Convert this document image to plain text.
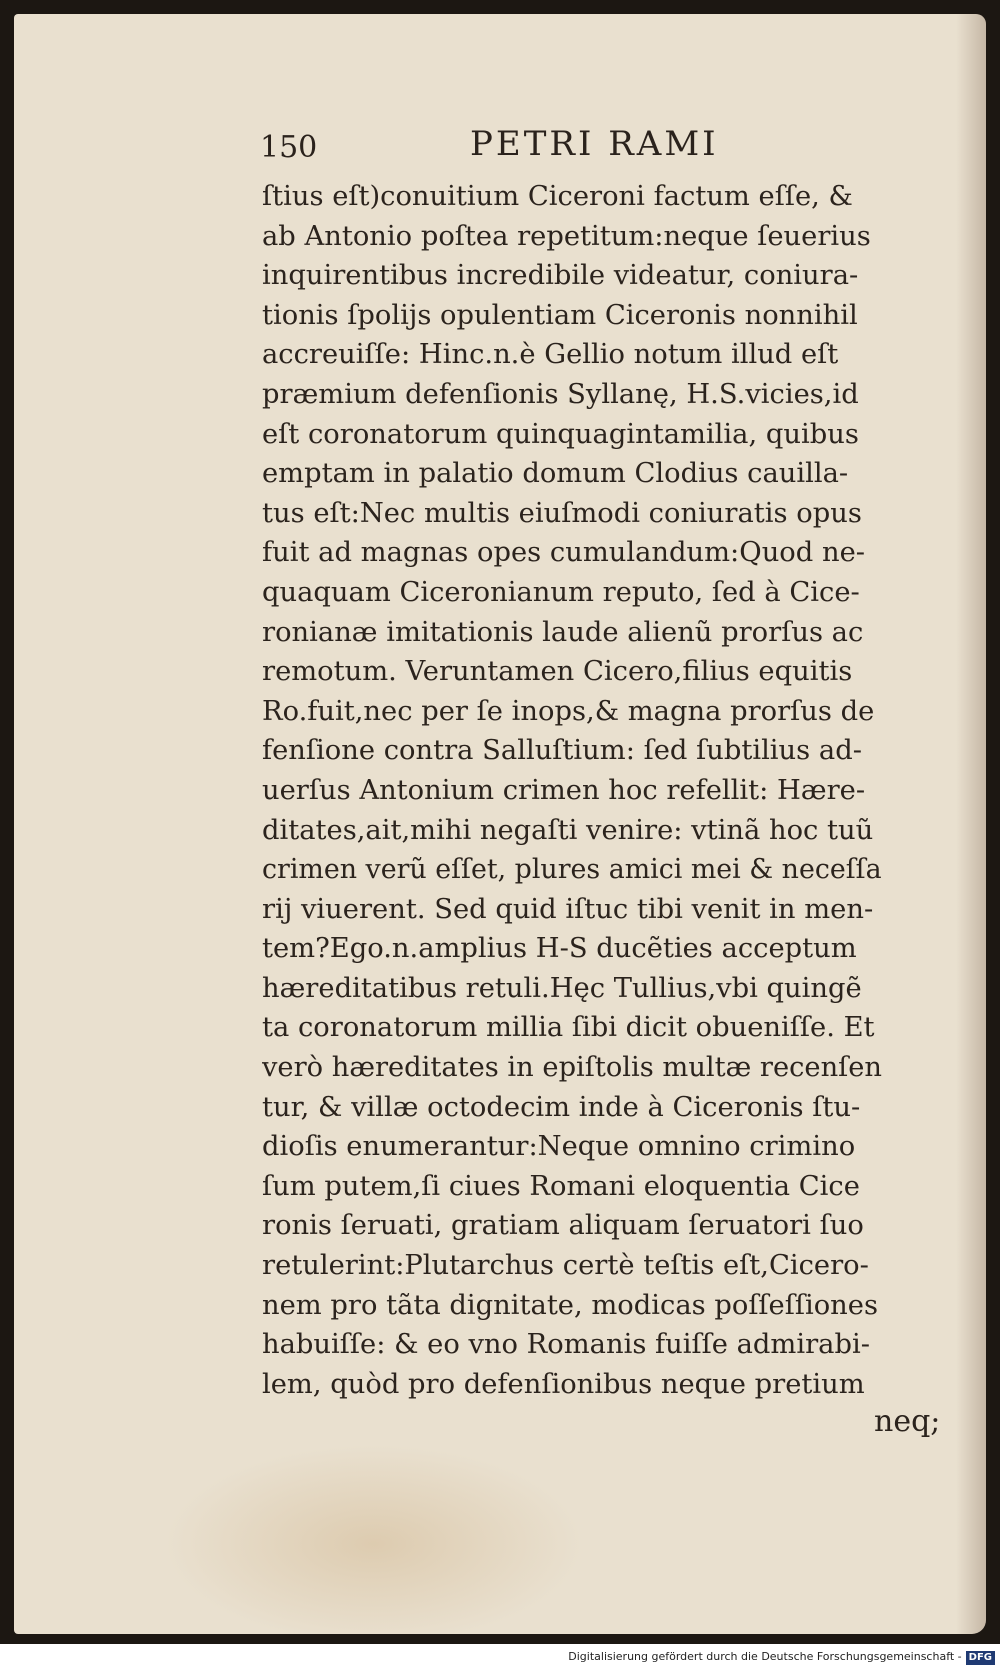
150	PETRI RAMI
ſtius eſt)conuitium Ciceroni factum eſſe, &
ab Antonio poſtea repetitum:neque ſeuerius
inquirentibus incredibile videatur, coniura-
tionis ſpolijs opulentiam Ciceronis nonnihil
accreuiſſe: Hinc.n.è Gellio notum illud eſt
præmium defenſionis Syllanę, H.S.vicies,id
eſt coronatorum quinquagintamilia, quibus
emptam in palatio domum Clodius cauilla-
tus eſt:Nec multis eiuſmodi coniuratis opus
fuit ad magnas opes cumulandum:Quod ne-
quaquam Ciceronianum reputo, ſed à Cice-
ronianæ imitationis laude alienũ prorſus ac
remotum. Veruntamen Cicero,filius equitis
Ro.fuit,nec per ſe inops,& magna prorſus de
fenſione contra Salluſtium: ſed ſubtilius ad-
uerſus Antonium crimen hoc refellit: Hære-
ditates,ait,mihi negaſti venire: vtinã hoc tuũ
crimen verũ eſſet, plures amici mei & neceſſa
rij viuerent. Sed quid iſtuc tibi venit in men-
tem?Ego.n.amplius H-S ducẽties acceptum
hæreditatibus retuli.Hęc Tullius,vbi quingẽ
ta coronatorum millia ſibi dicit obueniſſe. Et
verò hæreditates in epiſtolis multæ recenſen
tur, & villæ octodecim inde à Ciceronis ſtu-
dioſis enumerantur:Neque omnino crimino
ſum putem,ſi ciues Romani eloquentia Cice
ronis ſeruati, gratiam aliquam ſeruatori ſuo
retulerint:Plutarchus certè teſtis eſt,Cicero-
nem pro tãta dignitate, modicas poſſeſſiones
habuiſſe: & eo vno Romanis fuiſſe admirabi-
lem, quòd pro defenſionibus neque pretium
neq;
Digitalisierung gefördert durch die Deutsche Forschungsgemeinschaft - DFG
